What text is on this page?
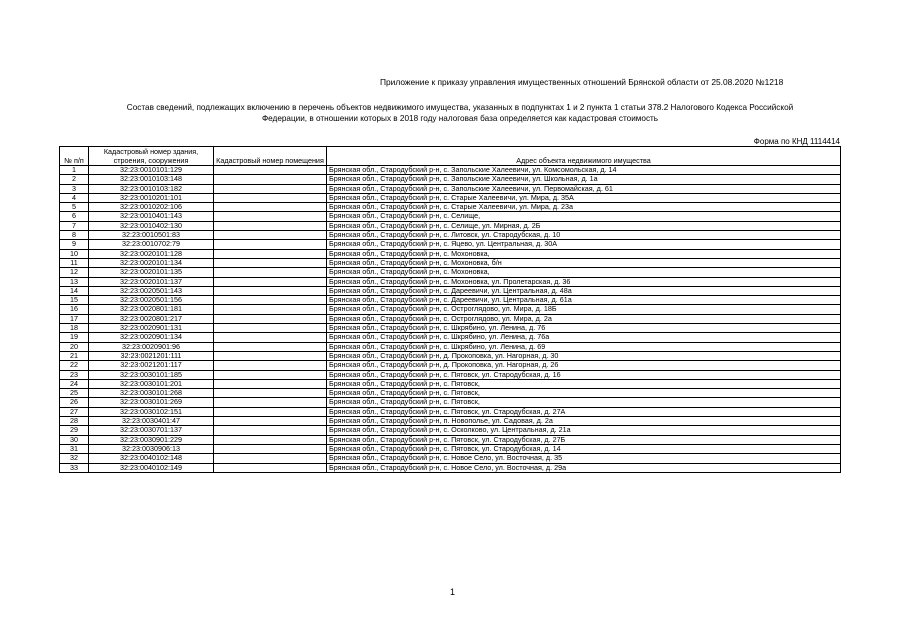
Приложение к приказу управления имущественных отношений Брянской области от 25.08.2020 №1218
Состав сведений, подлежащих включению в перечень объектов недвижимого имущества, указанных в подпунктах 1 и 2 пункта 1 статьи 378.2 Налогового Кодекса Российской
Федерации, в отношении которых в 2018 году налоговая база определяется как кадастровая стоимость
Форма по КНД 1114414
№ п/п	Кадастровый номер здания, строения, сооружения	Кадастровый номер помещения	Адрес объекта недвижимого имущества
1	32:23:0010101:129		Брянская обл., Стародубский р-н, с. Запольские Халеевичи, ул. Комсомольская, д. 14
2	32:23:0010103:148		Брянская обл., Стародубский р-н, с. Запольские Халеевичи, ул. Школьная, д. 1а
3	32:23:0010103:182		Брянская обл., Стародубский р-н, с. Запольские Халеевичи, ул. Первомайская, д. 61
4	32:23:0010201:101		Брянская обл., Стародубский р-н, с. Старые Халеевичи, ул. Мира, д. 35А
5	32:23:0010202:106		Брянская обл., Стародубский р-н, с. Старые Халеевичи, ул. Мира, д. 23а
6	32:23:0010401:143		Брянская обл., Стародубский р-н, с. Селище,
7	32:23:0010402:130		Брянская обл., Стародубский р-н, с. Селище, ул. Мирная, д. 2Б
8	32:23:0010501:83		Брянская обл., Стародубский р-н, с. Литовск, ул. Стародубская, д. 10
9	32:23:0010702:79		Брянская обл., Стародубский р-н, с. Яцево, ул. Центральная, д. 30А
10	32:23:0020101:128		Брянская обл., Стародубский р-н, с. Мохоновка,
11	32:23:0020101:134		Брянская обл., Стародубский р-н, с. Мохоновка, б/н
12	32:23:0020101:135		Брянская обл., Стародубский р-н, с. Мохоновка,
13	32:23:0020101:137		Брянская обл., Стародубский р-н, с. Мохоновка, ул. Пролетарская, д. 36
14	32:23:0020501:143		Брянская обл., Стародубский р-н, с. Дареевичи, ул. Центральная, д. 48а
15	32:23:0020501:156		Брянская обл., Стародубский р-н, с. Дареевичи, ул. Центральная, д. 61а
16	32:23:0020801:181		Брянская обл., Стародубский р-н, с. Остроглядово, ул. Мира, д. 18Б
17	32:23:0020801:217		Брянская обл., Стародубский р-н, с. Остроглядово, ул. Мира, д. 2а
18	32:23:0020901:131		Брянская обл., Стародубский р-н, с. Шкрябино, ул. Ленина, д. 76
19	32:23:0020901:134		Брянская обл., Стародубский р-н, с. Шкрябино, ул. Ленина, д. 76а
20	32:23:0020901:96		Брянская обл., Стародубский р-н, с. Шкрябино, ул. Ленина, д. 69
21	32:23:0021201:111		Брянская обл., Стародубский р-н, д. Прокоповка, ул. Нагорная, д. 30
22	32:23:0021201:117		Брянская обл., Стародубский р-н, д. Прокоповка, ул. Нагорная, д. 26
23	32:23:0030101:185		Брянская обл., Стародубский р-н, с. Пятовск, ул. Стародубская, д. 16
24	32:23:0030101:201		Брянская обл., Стародубский р-н, с. Пятовск,
25	32:23:0030101:268		Брянская обл., Стародубский р-н, с. Пятовск,
26	32:23:0030101:269		Брянская обл., Стародубский р-н, с. Пятовск,
27	32:23:0030102:151		Брянская обл., Стародубский р-н, с. Пятовск, ул. Стародубская, д. 27А
28	32:23:0030401:47		Брянская обл., Стародубский р-н, п. Новополье, ул. Садовая, д. 2а
29	32:23:0030701:137		Брянская обл., Стародубский р-н, с. Осколково, ул. Центральная, д. 21а
30	32:23:0030901:229		Брянская обл., Стародубский р-н, с. Пятовск, ул. Стародубская, д. 27Б
31	32:23:0030906:13		Брянская обл., Стародубский р-н, с. Пятовск, ул. Стародубская, д. 14
32	32:23:0040102:148		Брянская обл., Стародубский р-н, с. Новое Село, ул. Восточная, д. 35
33	32:23:0040102:149		Брянская обл., Стародубский р-н, с. Новое Село, ул. Восточная, д. 29а
1
